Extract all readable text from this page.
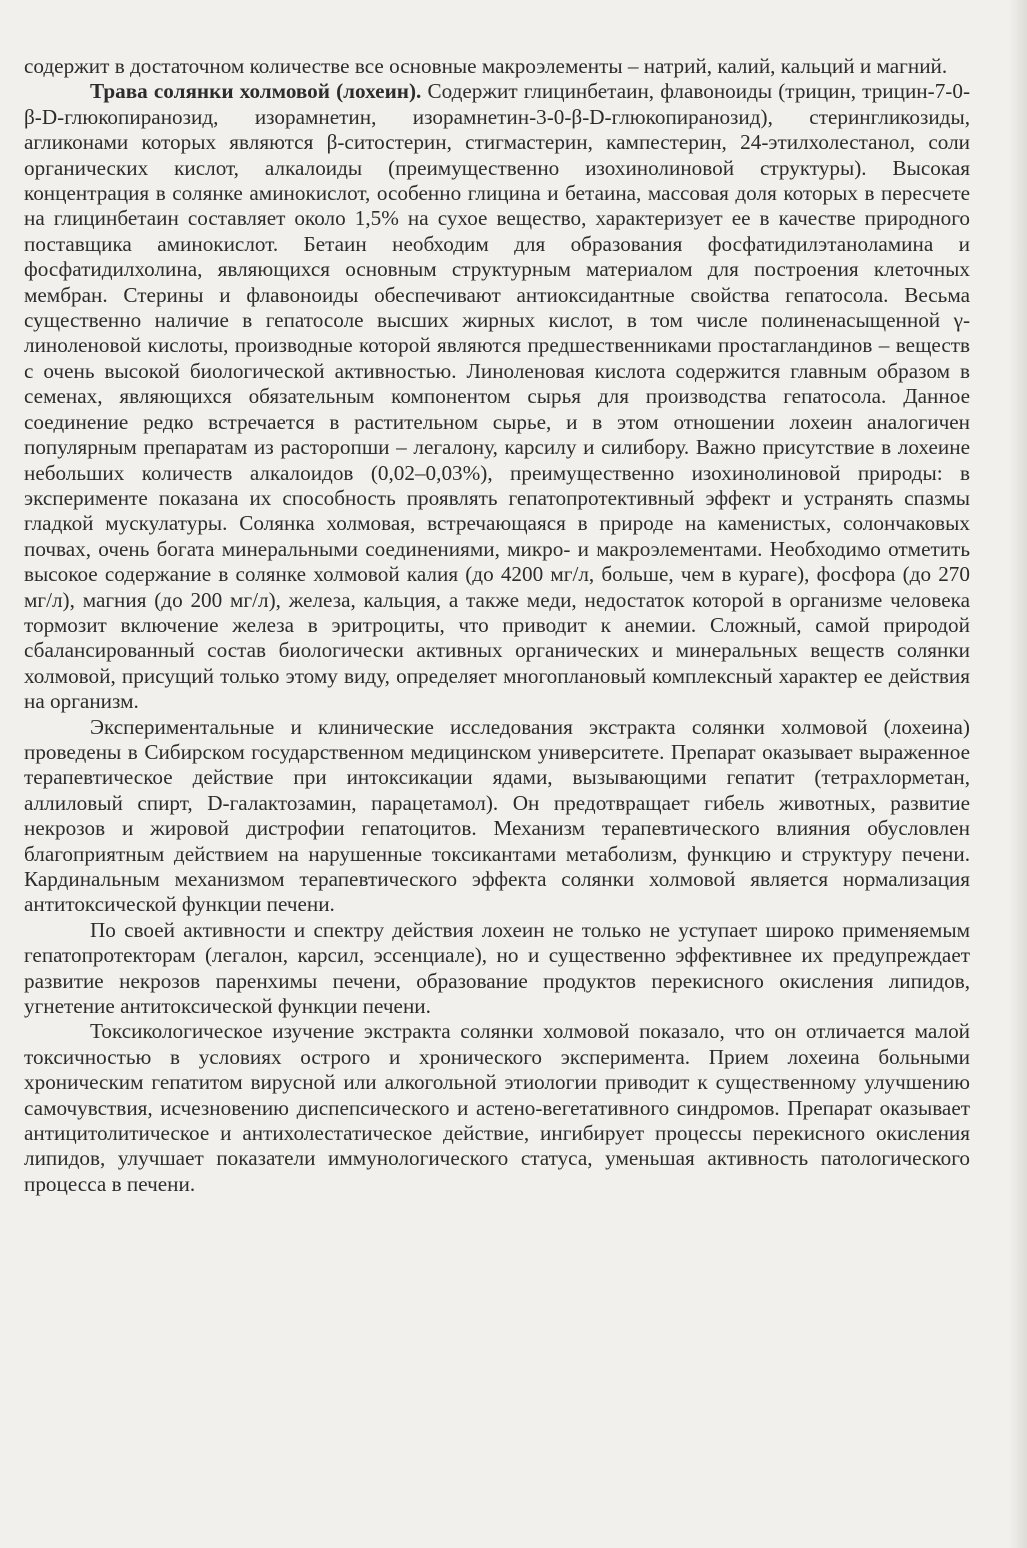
содержит в достаточном количестве все основные макроэлементы – натрий, калий, кальций и магний.

Трава солянки холмовой (лохеин). Содержит глицинбетаин, флавоноиды (трицин, трицин-7-0-β-D-глюкопиранозид, изорамнетин, изорамнетин-3-0-β-D-глюкопиранозид), стерингликозиды, агликонами которых являются β-ситостерин, стигмастерин, кампестерин, 24-этилхолестанол, соли органических кислот, алкалоиды (преимущественно изохинолиновой структуры). Высокая концентрация в солянке аминокислот, особенно глицина и бетаина, массовая доля которых в пересчете на глицинбетаин составляет около 1,5% на сухое вещество, характеризует ее в качестве природного поставщика аминокислот. Бетаин необходим для образования фосфатидилэтаноламина и фосфатидилхолина, являющихся основным структурным материалом для построения клеточных мембран. Стерины и флавоноиды обеспечивают антиоксидантные свойства гепатосола. Весьма существенно наличие в гепатосоле высших жирных кислот, в том числе полиненасыщенной γ-линоленовой кислоты, производные которой являются предшественниками простагландинов – веществ с очень высокой биологической активностью. Линоленовая кислота содержится главным образом в семенах, являющихся обязательным компонентом сырья для производства гепатосола. Данное соединение редко встречается в растительном сырье, и в этом отношении лохеин аналогичен популярным препаратам из расторопши – легалону, карсилу и силибору. Важно присутствие в лохеине небольших количеств алкалоидов (0,02–0,03%), преимущественно изохинолиновой природы: в эксперименте показана их способность проявлять гепатопротективный эффект и устранять спазмы гладкой мускулатуры. Солянка холмовая, встречающаяся в природе на каменистых, солончаковых почвах, очень богата минеральными соединениями, микро- и макроэлементами. Необходимо отметить высокое содержание в солянке холмовой калия (до 4200 мг/л, больше, чем в кураге), фосфора (до 270 мг/л), магния (до 200 мг/л), железа, кальция, а также меди, недостаток которой в организме человека тормозит включение железа в эритроциты, что приводит к анемии. Сложный, самой природой сбалансированный состав биологически активных органических и минеральных веществ солянки холмовой, присущий только этому виду, определяет многоплановый комплексный характер ее действия на организм.

Экспериментальные и клинические исследования экстракта солянки холмовой (лохеина) проведены в Сибирском государственном медицинском университете. Препарат оказывает выраженное терапевтическое действие при интоксикации ядами, вызывающими гепатит (тетрахлорметан, аллиловый спирт, D-галактозамин, парацетамол). Он предотвращает гибель животных, развитие некрозов и жировой дистрофии гепатоцитов. Механизм терапевтического влияния обусловлен благоприятным действием на нарушенные токсикантами метаболизм, функцию и структуру печени. Кардинальным механизмом терапевтического эффекта солянки холмовой является нормализация антитоксической функции печени.

По своей активности и спектру действия лохеин не только не уступает широко применяемым гепатопротекторам (легалон, карсил, эссенциале), но и существенно эффективнее их предупреждает развитие некрозов паренхимы печени, образование продуктов перекисного окисления липидов, угнетение антитоксической функции печени.

Токсикологическое изучение экстракта солянки холмовой показало, что он отличается малой токсичностью в условиях острого и хронического эксперимента. Прием лохеина больными хроническим гепатитом вирусной или алкогольной этиологии приводит к существенному улучшению самочувствия, исчезновению диспепсического и астено-вегетативного синдромов. Препарат оказывает антицитолитическое и антихолестатическое действие, ингибирует процессы перекисного окисления липидов, улучшает показатели иммунологического статуса, уменьшая активность патологического процесса в печени.
